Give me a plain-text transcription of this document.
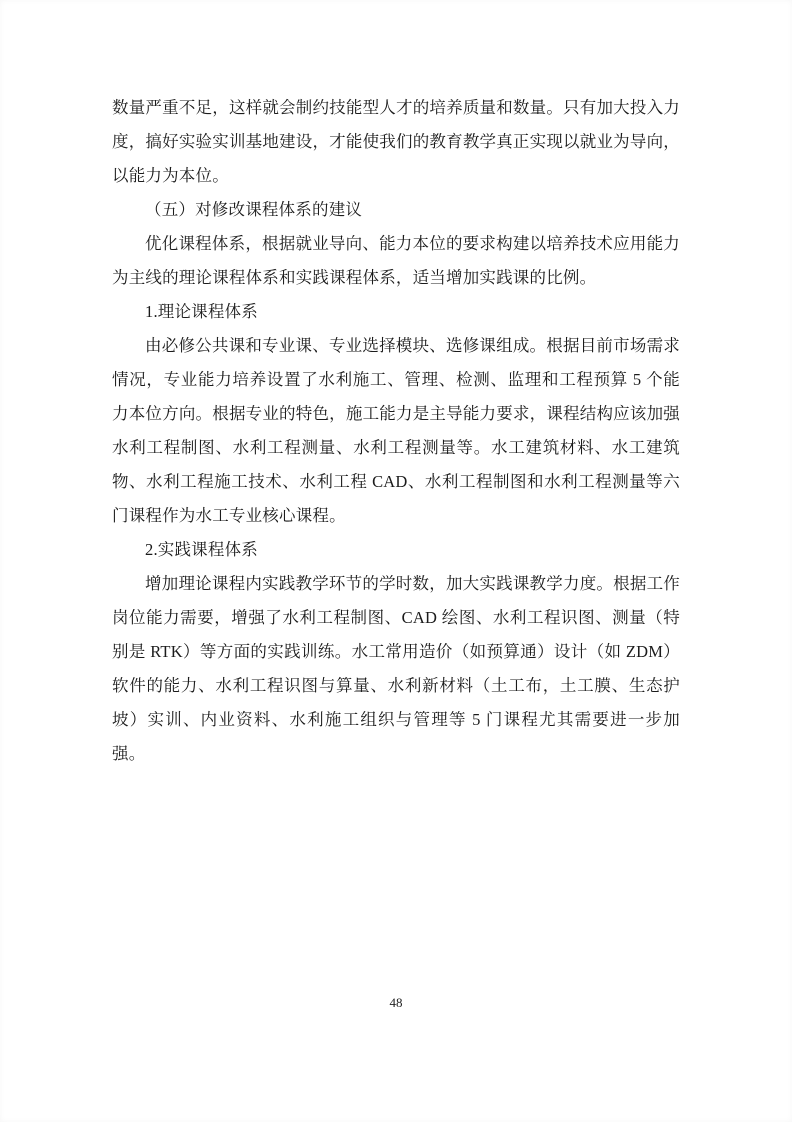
数量严重不足，这样就会制约技能型人才的培养质量和数量。只有加大投入力度，搞好实验实训基地建设，才能使我们的教育教学真正实现以就业为导向，以能力为本位。

（五）对修改课程体系的建议

优化课程体系，根据就业导向、能力本位的要求构建以培养技术应用能力为主线的理论课程体系和实践课程体系，适当增加实践课的比例。

1.理论课程体系

由必修公共课和专业课、专业选择模块、选修课组成。根据目前市场需求情况，专业能力培养设置了水利施工、管理、检测、监理和工程预算 5 个能力本位方向。根据专业的特色，施工能力是主导能力要求，课程结构应该加强水利工程制图、水利工程测量、水利工程测量等。水工建筑材料、水工建筑物、水利工程施工技术、水利工程 CAD、水利工程制图和水利工程测量等六门课程作为水工专业核心课程。

2.实践课程体系

增加理论课程内实践教学环节的学时数，加大实践课教学力度。根据工作岗位能力需要，增强了水利工程制图、CAD 绘图、水利工程识图、测量（特别是 RTK）等方面的实践训练。水工常用造价（如预算通）设计（如 ZDM）软件的能力、水利工程识图与算量、水利新材料（土工布，土工膜、生态护坡）实训、内业资料、水利施工组织与管理等 5 门课程尤其需要进一步加强。

48
